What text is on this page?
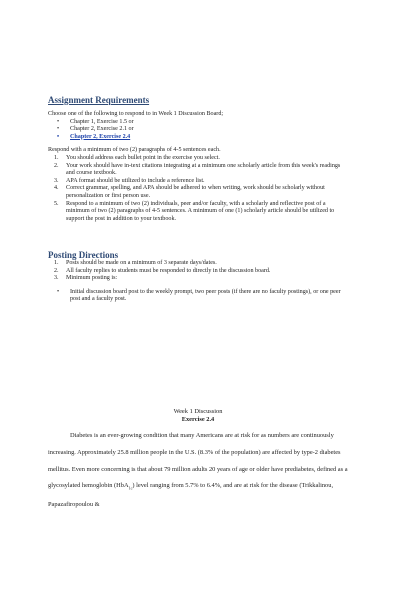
Assignment Requirements

Choose one of the following to respond to in Week 1 Discussion Board;

• Chapter 1, Exercise 1.5 or
• Chapter 2, Exercise 2.1 or
• Chapter 2, Exercise 2.4

Respond with a minimum of two (2) paragraphs of 4-5 sentences each.

1. You should address each bullet point in the exercise you select.
2. Your work should have in-text citations integrating at a minimum one scholarly article from this week's readings and course textbook.
3. APA format should be utilized to include a reference list.
4. Correct grammar, spelling, and APA should be adhered to when writing, work should be scholarly without personalization or first person use.
5. Respond to a minimum of two (2) individuals, peer and/or faculty, with a scholarly and reflective post of a minimum of two (2) paragraphs of 4-5 sentences. A minimum of one (1) scholarly article should be utilized to support the post in addition to your textbook.
Posting Directions
1. Posts should be made on a minimum of 3 separate days/dates.
2. All faculty replies to students must be responded to directly in the discussion board.
3. Minimum posting is:
• Initial discussion board post to the weekly prompt, two peer posts (if there are no faculty postings), or one peer post and a faculty post.
Week 1 Discussion
Exercise 2.4

Diabetes is an ever-growing condition that many Americans are at risk for as numbers are continuously increasing. Approximately 25.8 million people in the U.S. (8.3% of the population) are affected by type-2 diabetes mellitus. Even more concerning is that about 79 million adults 20 years of age or older have prediabetes, defined as a glycosylated hemoglobin (HbA$_{1c}$) level ranging from 5.7% to 6.4%, and are at risk for the disease (Trikkalinou, Papazafiropoulou &
